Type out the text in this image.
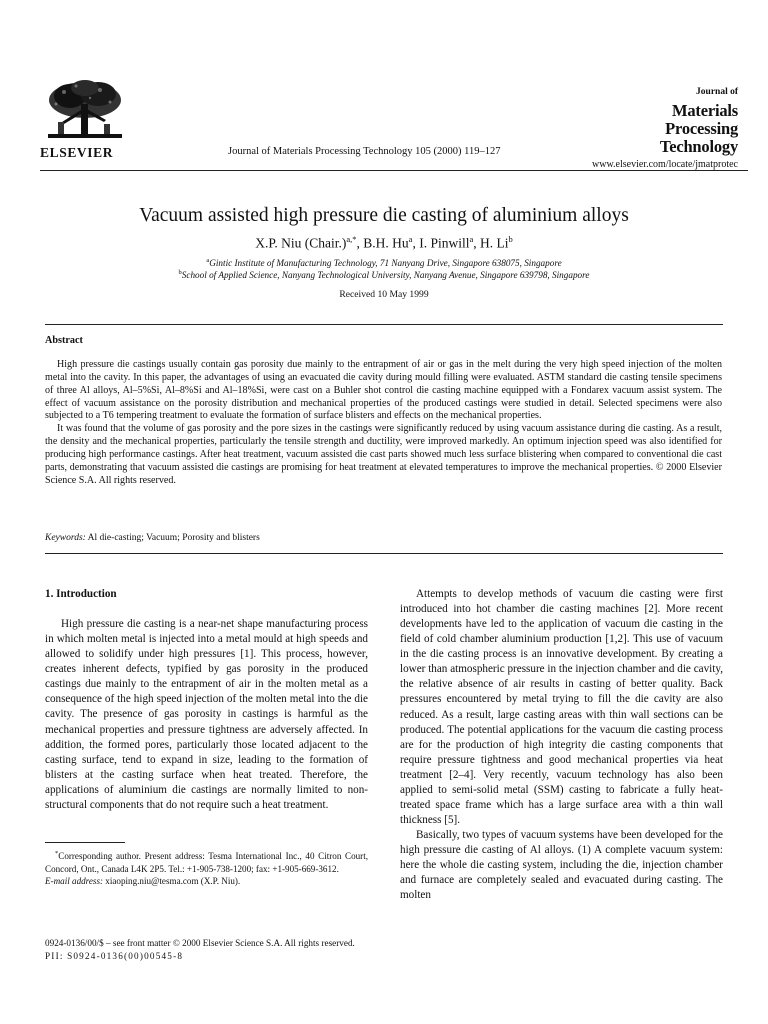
ELSEVIER	Journal of Materials Processing Technology 105 (2000) 119–127
Journal of
Materials
Processing
Technology
www.elsevier.com/locate/jmatprotec
Vacuum assisted high pressure die casting of aluminium alloys
X.P. Niu (Chair.)$^{a,*}$, B.H. Hu$^a$, I. Pinwill$^a$, H. Li$^b$
$^a$Gintic Institute of Manufacturing Technology, 71 Nanyang Drive, Singapore 638075, Singapore
$^b$School of Applied Science, Nanyang Technological University, Nanyang Avenue, Singapore 639798, Singapore
Received 10 May 1999
Abstract

High pressure die castings usually contain gas porosity due mainly to the entrapment of air or gas in the melt during the very high speed injection of the molten metal into the cavity. In this paper, the advantages of using an evacuated die cavity during mould filling were evaluated. ASTM standard die casting tensile specimens of three Al alloys, Al–5%Si, Al–8%Si and Al–18%Si, were cast on a Buhler shot control die casting machine equipped with a Fondarex vacuum assist system. The effect of vacuum assistance on the porosity distribution and mechanical properties of the produced castings were studied in detail. Selected specimens were also subjected to a T6 tempering treatment to evaluate the formation of surface blisters and effects on the mechanical properties.

It was found that the volume of gas porosity and the pore sizes in the castings were significantly reduced by using vacuum assistance during die casting. As a result, the density and the mechanical properties, particularly the tensile strength and ductility, were improved markedly. An optimum injection speed was also identified for producing high performance castings. After heat treatment, vacuum assisted die cast parts showed much less surface blistering when compared to conventional die cast parts, demonstrating that vacuum assisted die castings are promising for heat treatment at elevated temperatures to improve the mechanical properties. © 2000 Elsevier Science S.A. All rights reserved.

Keywords: Al die-casting; Vacuum; Porosity and blisters

1. Introduction

High pressure die casting is a near-net shape manufacturing process in which molten metal is injected into a metal mould at high speeds and allowed to solidify under high pressures [1]. This process, however, creates inherent defects, typified by gas porosity in the produced castings due mainly to the entrapment of air in the molten metal as a consequence of the high speed injection of the molten metal into the die cavity. The presence of gas porosity in castings is harmful as the mechanical properties and pressure tightness are adversely affected. In addition, the formed pores, particularly those located adjacent to the casting surface, tend to expand in size, leading to the formation of blisters at the casting surface when heat treated. Therefore, the applications of aluminium die castings are normally limited to non-structural components that do not require such a heat treatment.

Attempts to develop methods of vacuum die casting were first introduced into hot chamber die casting machines [2]. More recent developments have led to the application of vacuum die casting in the field of cold chamber aluminium production [1,2]. This use of vacuum in the die casting process is an innovative development. By creating a lower than atmospheric pressure in the injection chamber and die cavity, the relative absence of air results in casting of better quality. Back pressures encountered by metal trying to fill the die cavity are also reduced. As a result, large casting areas with thin wall sections can be produced. The potential applications for the vacuum die casting process are for the production of high integrity die casting components that require pressure tightness and good mechanical properties via heat treatment [2–4]. Very recently, vacuum technology has also been applied to semi-solid metal (SSM) casting to fabricate a fully heat-treated space frame which has a large surface area with a thin wall thickness [5].

Basically, two types of vacuum systems have been developed for the high pressure die casting of Al alloys. (1) A complete vacuum system: here the whole die casting system, including the die, injection chamber and furnace are completely sealed and evacuated during casting. The molten

*Corresponding author. Present address: Tesma International Inc., 40 Citron Court, Concord, Ont., Canada L4K 2P5. Tel.: +1-905-738-1200; fax: +1-905-669-3612.

E-mail address: xiaoping.niu@tesma.com (X.P. Niu).
0924-0136/00/$ – see front matter © 2000 Elsevier Science S.A. All rights reserved.
PII: S0924-0136(00)00545-8
